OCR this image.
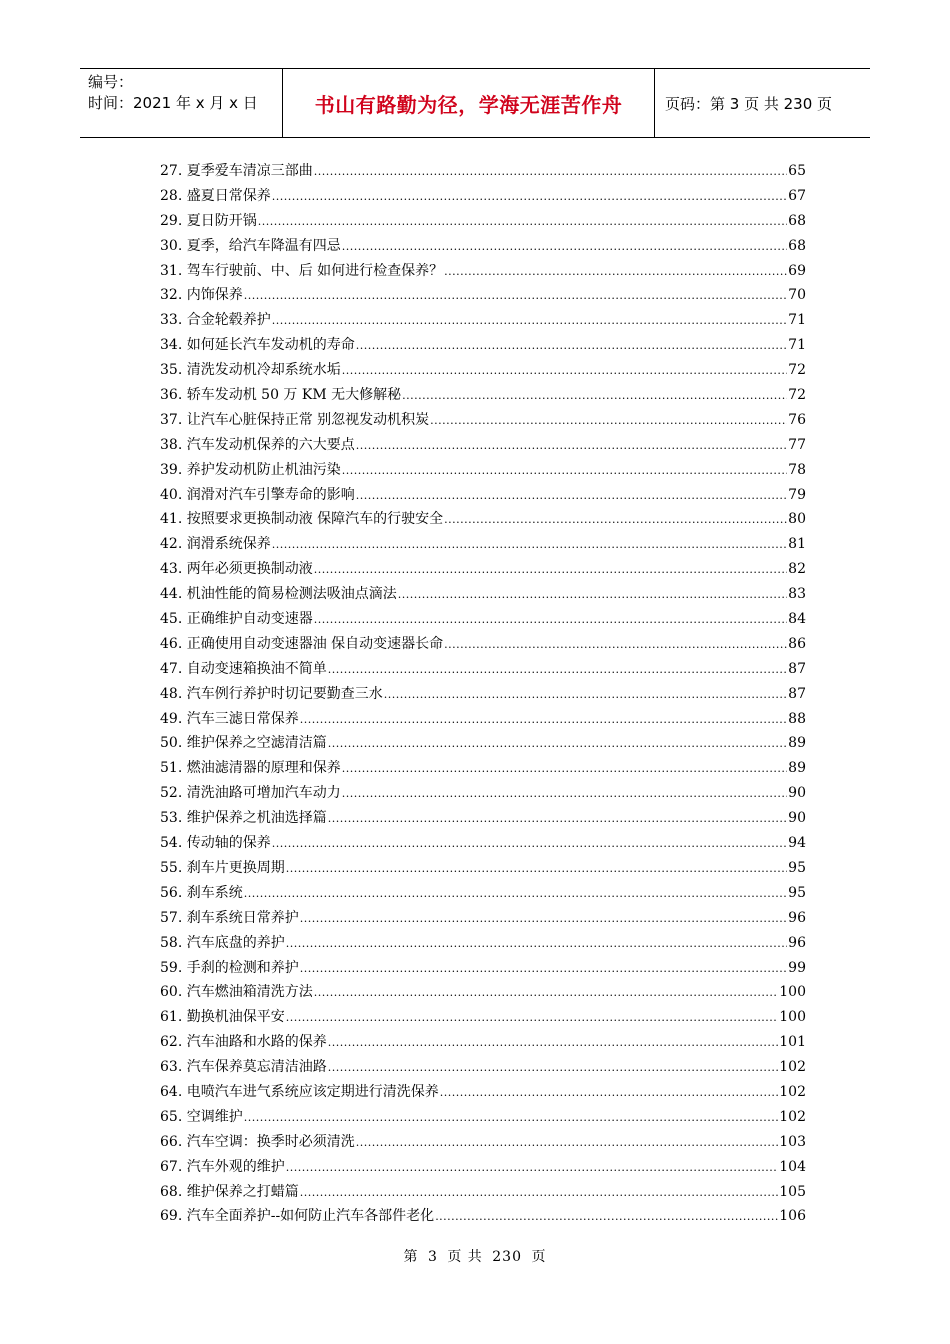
编号：
时间：2021 年 x 月 x 日	书山有路勤为径，学海无涯苦作舟	页码：第 3 页 共 230 页
27. 夏季爱车清凉三部曲 .....	65
28. 盛夏日常保养 .....	67
29. 夏日防开锅 .....	68
30. 夏季，给汽车降温有四忌 .....	68
31. 驾车行驶前、中、后 如何进行检查保养？ .....	69
32. 内饰保养 .....	70
33. 合金轮毂养护 .....	71
34. 如何延长汽车发动机的寿命 .....	71
35. 清洗发动机冷却系统水垢 .....	72
36. 轿车发动机 50 万 KM 无大修解秘 .....	72
37. 让汽车心脏保持正常 别忽视发动机积炭 .....	76
38. 汽车发动机保养的六大要点 .....	77
39. 养护发动机防止机油污染 .....	78
40. 润滑对汽车引擎寿命的影响 .....	79
41. 按照要求更换制动液 保障汽车的行驶安全 .....	80
42. 润滑系统保养 .....	81
43. 两年必须更换制动液 .....	82
44. 机油性能的简易检测法吸油点滴法 .....	83
45. 正确维护自动变速器 .....	84
46. 正确使用自动变速器油 保自动变速器长命 .....	86
47. 自动变速箱换油不简单 .....	87
48. 汽车例行养护时切记要勤查三水 .....	87
49. 汽车三滤日常保养 .....	88
50. 维护保养之空滤清洁篇 .....	89
51. 燃油滤清器的原理和保养 .....	89
52. 清洗油路可增加汽车动力 .....	90
53. 维护保养之机油选择篇 .....	90
54. 传动轴的保养 .....	94
55. 刹车片更换周期 .....	95
56. 刹车系统 .....	95
57. 刹车系统日常养护 .....	96
58. 汽车底盘的养护 .....	96
59. 手刹的检测和养护 .....	99
60. 汽车燃油箱清洗方法 .....	100
61. 勤换机油保平安 .....	100
62. 汽车油路和水路的保养 .....	101
63. 汽车保养莫忘清洁油路 .....	102
64. 电喷汽车进气系统应该定期进行清洗保养 .....	102
65. 空调维护 .....	102
66. 汽车空调：换季时必须清洗 .....	103
67. 汽车外观的维护 .....	104
68. 维护保养之打蜡篇 .....	105
69. 汽车全面养护--如何防止汽车各部件老化 .....	106
第 3 页 共 230 页
